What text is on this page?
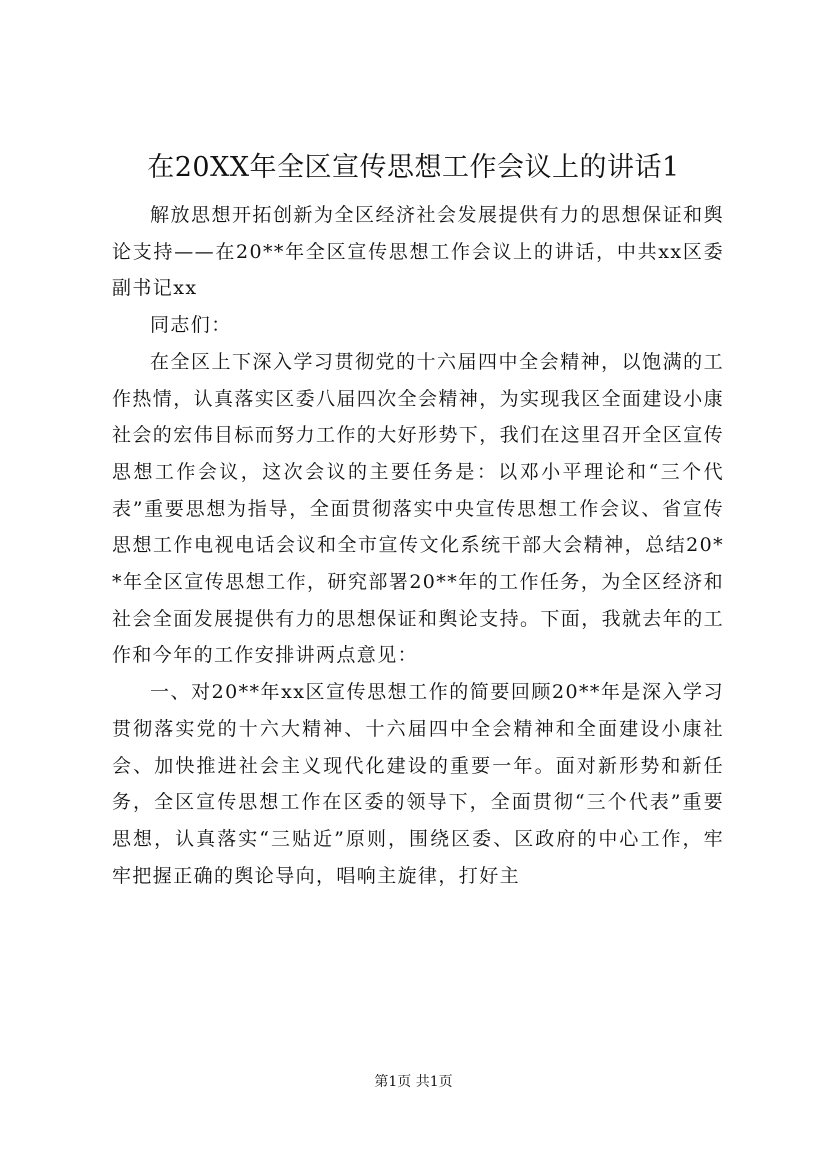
在20XX年全区宣传思想工作会议上的讲话1

解放思想开拓创新为全区经济社会发展提供有力的思想保证和舆论支持——在20**年全区宣传思想工作会议上的讲话，中共xx区委副书记xx

同志们：

在全区上下深入学习贯彻党的十六届四中全会精神，以饱满的工作热情，认真落实区委八届四次全会精神，为实现我区全面建设小康社会的宏伟目标而努力工作的大好形势下，我们在这里召开全区宣传思想工作会议，这次会议的主要任务是：以邓小平理论和“三个代表”重要思想为指导，全面贯彻落实中央宣传思想工作会议、省宣传思想工作电视电话会议和全市宣传文化系统干部大会精神，总结20**年全区宣传思想工作，研究部署20**年的工作任务，为全区经济和社会全面发展提供有力的思想保证和舆论支持。下面，我就去年的工作和今年的工作安排讲两点意见：

一、对20**年xx区宣传思想工作的简要回顾20**年是深入学习贯彻落实党的十六大精神、十六届四中全会精神和全面建设小康社会、加快推进社会主义现代化建设的重要一年。面对新形势和新任务，全区宣传思想工作在区委的领导下，全面贯彻“三个代表”重要思想，认真落实“三贴近”原则，围绕区委、区政府的中心工作，牢牢把握正确的舆论导向，唱响主旋律，打好主

第1页 共1页
